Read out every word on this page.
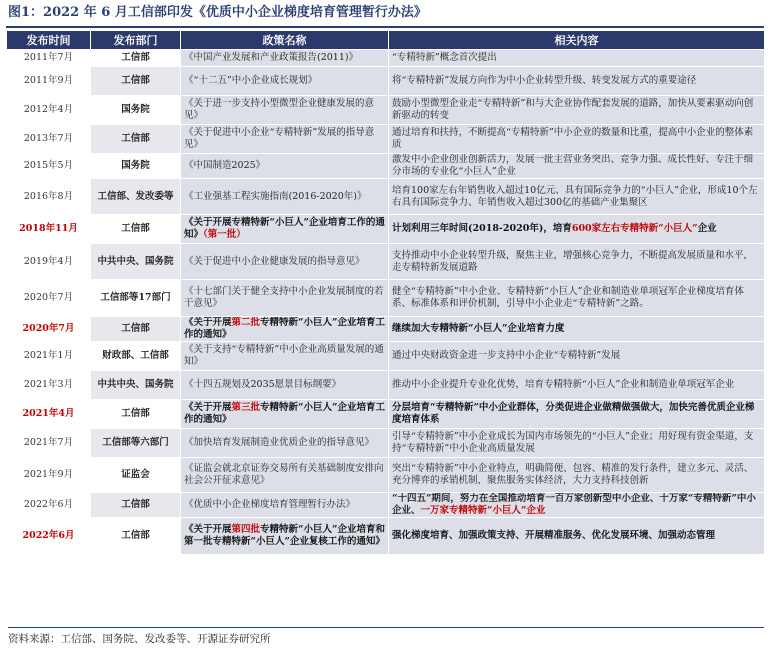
图1：2022 年 6 月工信部印发《优质中小企业梯度培育管理暂行办法》
发布时间	发布部门	政策名称	相关内容
2011年7月	工信部	《中国产业发展和产业政策报告(2011)》	“专精特新”概念首次提出
2011年9月	工信部	《“十二五”中小企业成长规划》	将“专精特新”发展方向作为中小企业转型升级、转变发展方式的重要途径
2012年4月	国务院	《关于进一步支持小型微型企业健康发展的意见》	鼓励小型微型企业走“专精特新”和与大企业协作配套发展的道路，加快从要素驱动向创新驱动的转变
2013年7月	工信部	《关于促进中小企业“专精特新”发展的指导意见》	通过培育和扶持，不断提高“专精特新”中小企业的数量和比重，提高中小企业的整体素质
2015年5月	国务院	《中国制造2025》	激发中小企业创业创新活力，发展一批主营业务突出、竞争力强、成长性好、专注于细分市场的专业化“小巨人”企业
2016年8月	工信部、发改委等	《工业强基工程实施指南(2016-2020年)》	培育100家左右年销售收入超过10亿元、具有国际竞争力的“小巨人”企业，形成10个左右具有国际竞争力、年销售收入超过300亿的基础产业集聚区
2018年11月	工信部	《关于开展专精特新“小巨人”企业培育工作的通知》（第一批）	计划利用三年时间(2018-2020年)，培育600家左右专精特新“小巨人”企业
2019年4月	中共中央、国务院	《关于促进中小企业健康发展的指导意见》	支持推动中小企业转型升级，聚焦主业，增强核心竞争力，不断提高发展质量和水平，走专精特新发展道路
2020年7月	工信部等17部门	《十七部门关于健全支持中小企业发展制度的若干意见》	健全“专精特新”中小企业、专精特新“小巨人”企业和制造业单项冠军企业梯度培育体系、标准体系和评价机制，引导中小企业走“专精特新”之路。
2020年7月	工信部	《关于开展第二批专精特新“小巨人”企业培育工作的通知》	继续加大专精特新“小巨人”企业培育力度
2021年1月	财政部、工信部	《关于支持“专精特新”中小企业高质量发展的通知》	通过中央财政资金进一步支持中小企业“专精特新”发展
2021年3月	中共中央、国务院	《十四五规划及2035愿景目标纲要》	推动中小企业提升专业化优势，培育专精特新“小巨人”企业和制造业单项冠军企业
2021年4月	工信部	《关于开展第三批专精特新“小巨人”企业培育工作的通知》	分层培育“专精特新”中小企业群体，分类促进企业做精做强做大，加快完善优质企业梯度培育体系
2021年7月	工信部等六部门	《加快培育发展制造业优质企业的指导意见》	引导“专精特新”中小企业成长为国内市场领先的“小巨人”企业；用好现有资金渠道，支持“专精特新”中小企业高质量发展
2021年9月	证监会	《证监会就北京证券交易所有关基础制度安排向社会公开征求意见》	突出“专精特新”中小企业特点，明确简便、包容、精准的发行条件，建立多元、灵活、充分博弈的承销机制，聚焦服务实体经济，大力支持科技创新
2022年6月	工信部	《优质中小企业梯度培育管理暂行办法》	“十四五”期间，努力在全国推动培育一百万家创新型中小企业、十万家“专精特新”中小企业、一万家专精特新“小巨人”企业
2022年6月	工信部	《关于开展第四批专精特新“小巨人”企业培育和第一批专精特新“小巨人”企业复核工作的通知》	强化梯度培育、加强政策支持、开展精准服务、优化发展环境、加强动态管理
资料来源：工信部、国务院、发改委等、开源证券研究所
